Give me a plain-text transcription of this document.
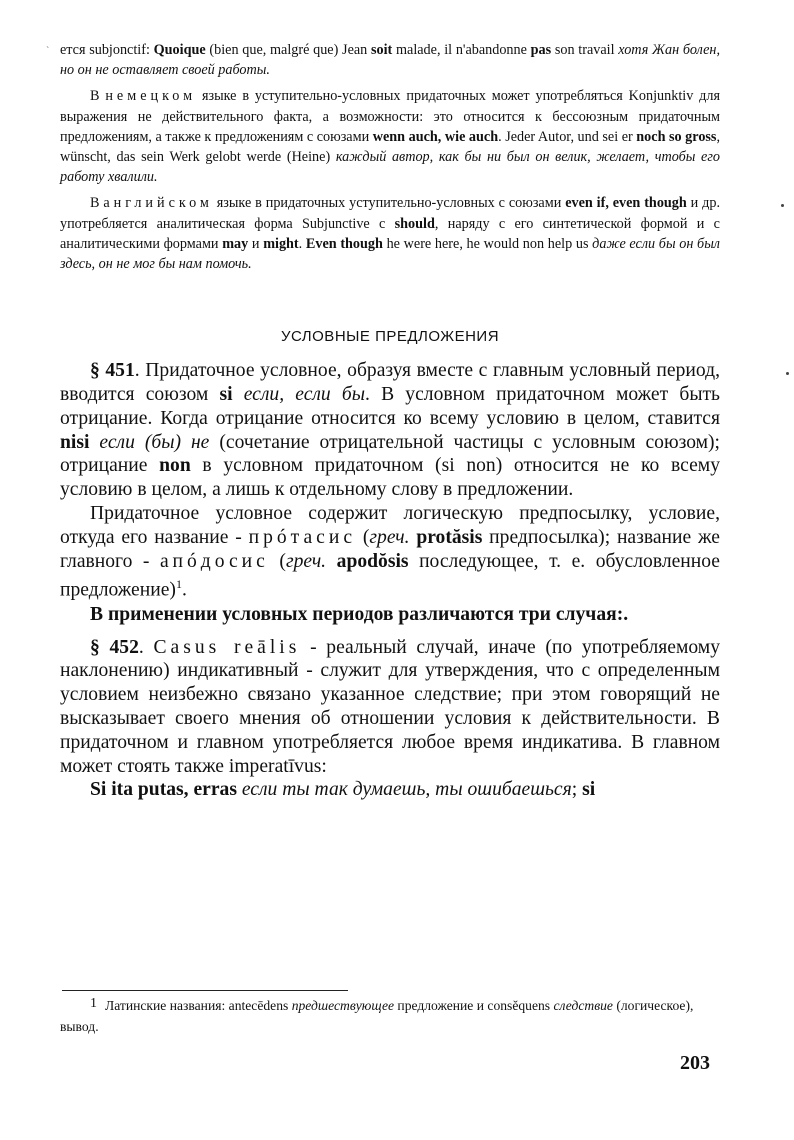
` ется subjonctif: Quoique (bien que, malgré que) Jean soit malade, il n'abandonne pas son travail хотя Жан болен, но он не оставляет своей работы.

В немецком языке в уступительно-условных придаточных может употребляться Konjunktiv для выражения не действительного факта, а возможности: это относится к бессоюзным придаточным предложениям, а также к предложениям с союзами wenn auch, wie auch. Jeder Autor, und sei er noch so gross, wünscht, das sein Werk gelobt werde (Heine) каждый автор, как бы ни был он велик, желает, чтобы его работу хвалили.

В английском языке в придаточных уступительно-условных с союзами even if, even though и др. употребляется аналитическая форма Subjunctive с should, наряду с его синтетической формой и с аналитическими формами may и might. Even though he were here, he would non help us даже если бы он был здесь, он не мог бы нам помочь.

УСЛОВНЫЕ ПРЕДЛОЖЕНИЯ

§ 451. Придаточное условное, образуя вместе с главным условный период, вводится союзом si если, если бы. В условном придаточном может быть отрицание. Когда отрицание относится ко всему условию в целом, ставится nisi если (бы) не (сочетание отрицательной частицы с условным союзом); отрицание non в условном придаточном (si non) относится не ко всему условию в целом, а лишь к отдельному слову в предложении.

Придаточное условное содержит логическую предпосылку, условие, откуда его название - прóтасис (греч. protăsis предпосылка); название же главного - апóдосис (греч. apodŏsis последующее, т. е. обусловленное предложение)$^1$.

В применении условных периодов различаются три случая:.

§ 452. Casus reālis - реальный случай, иначе (по употребляемому наклонению) индикативный - служит для утверждения, что с определенным условием неизбежно связано указанное следствие; при этом говорящий не высказывает своего мнения об отношении условия к действительности. В придаточном и главном употребляется любое время индикатива. В главном может стоять также imperatīvus:

Si ita putas, erras если ты так думаешь, ты ошибаешься; si

1 Латинские названия: antecēdens предшествующее предложение и consĕquens следствие (логическое), вывод.

203
